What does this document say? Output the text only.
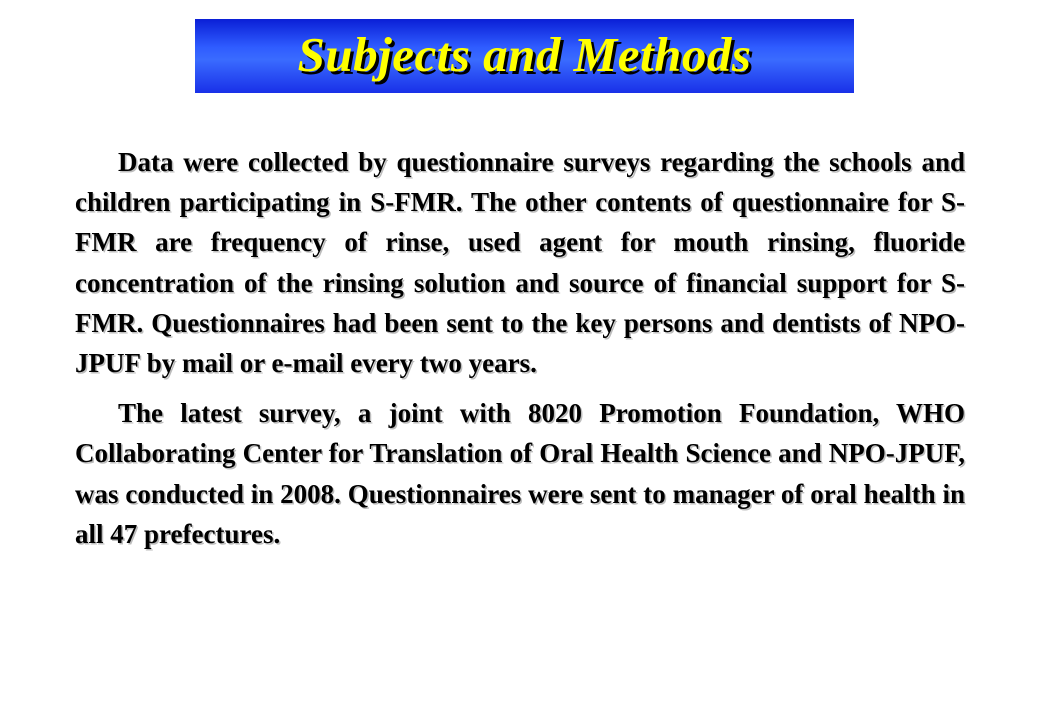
Subjects and Methods

Data were collected by questionnaire surveys regarding the schools and children participating in S-FMR. The other contents of questionnaire for S-FMR are frequency of rinse, used agent for mouth rinsing, fluoride concentration of the rinsing solution and source of financial support for S-FMR. Questionnaires had been sent to the key persons and dentists of NPO-JPUF by mail or e-mail every two years.

The latest survey, a joint with 8020 Promotion Foundation, WHO Collaborating Center for Translation of Oral Health Science and NPO-JPUF, was conducted in 2008. Questionnaires were sent to manager of oral health in all 47 prefectures.
